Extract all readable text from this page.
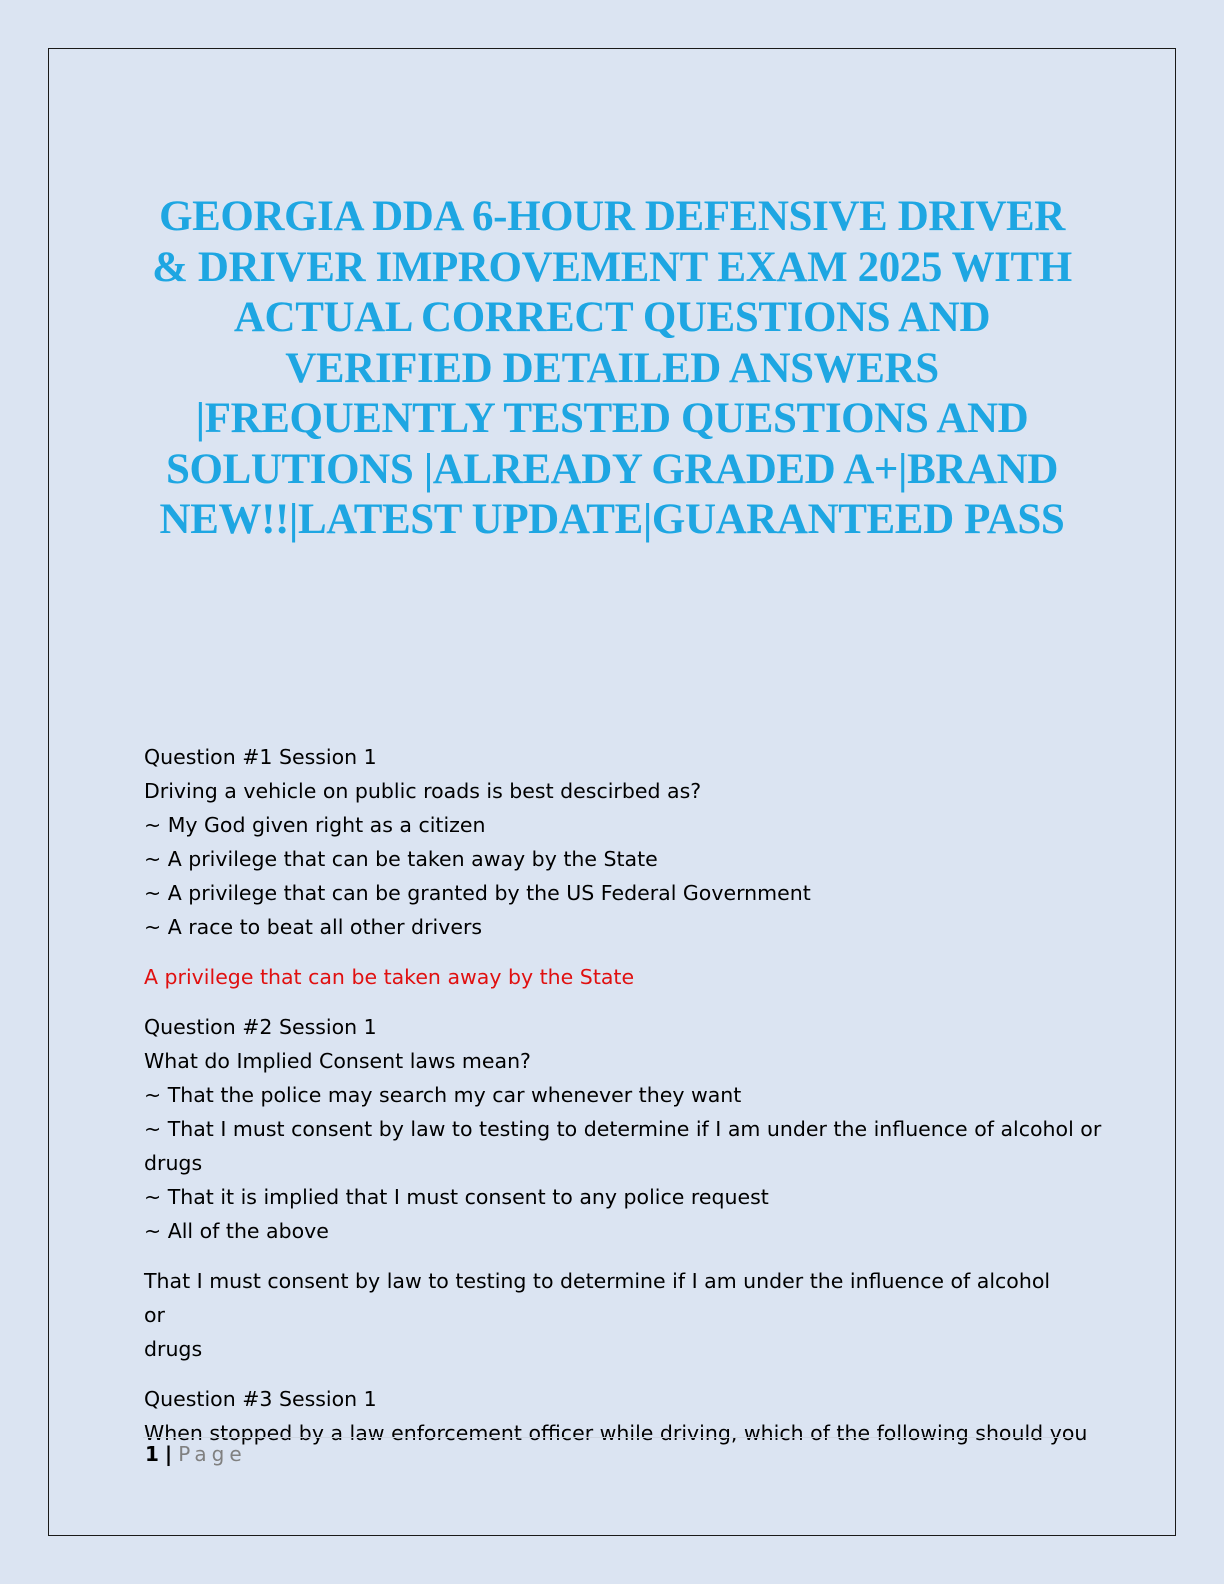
GEORGIA DDA 6-HOUR DEFENSIVE DRIVER
& DRIVER IMPROVEMENT EXAM 2025 WITH
ACTUAL CORRECT QUESTIONS AND
VERIFIED DETAILED ANSWERS
|FREQUENTLY TESTED QUESTIONS AND
SOLUTIONS |ALREADY GRADED A+|BRAND
NEW!!|LATEST UPDATE|GUARANTEED PASS

Question #1 Session 1

Driving a vehicle on public roads is best descirbed as?

~ My God given right as a citizen

~ A privilege that can be taken away by the State

~ A privilege that can be granted by the US Federal Government

~ A race to beat all other drivers

A privilege that can be taken away by the State

Question #2 Session 1

What do Implied Consent laws mean?

~ That the police may search my car whenever they want

~ That I must consent by law to testing to determine if I am under the influence of alcohol or

drugs

~ That it is implied that I must consent to any police request

~ All of the above

That I must consent by law to testing to determine if I am under the influence of alcohol or

drugs

Question #3 Session 1

When stopped by a law enforcement officer while driving, which of the following should you

1 | Page
